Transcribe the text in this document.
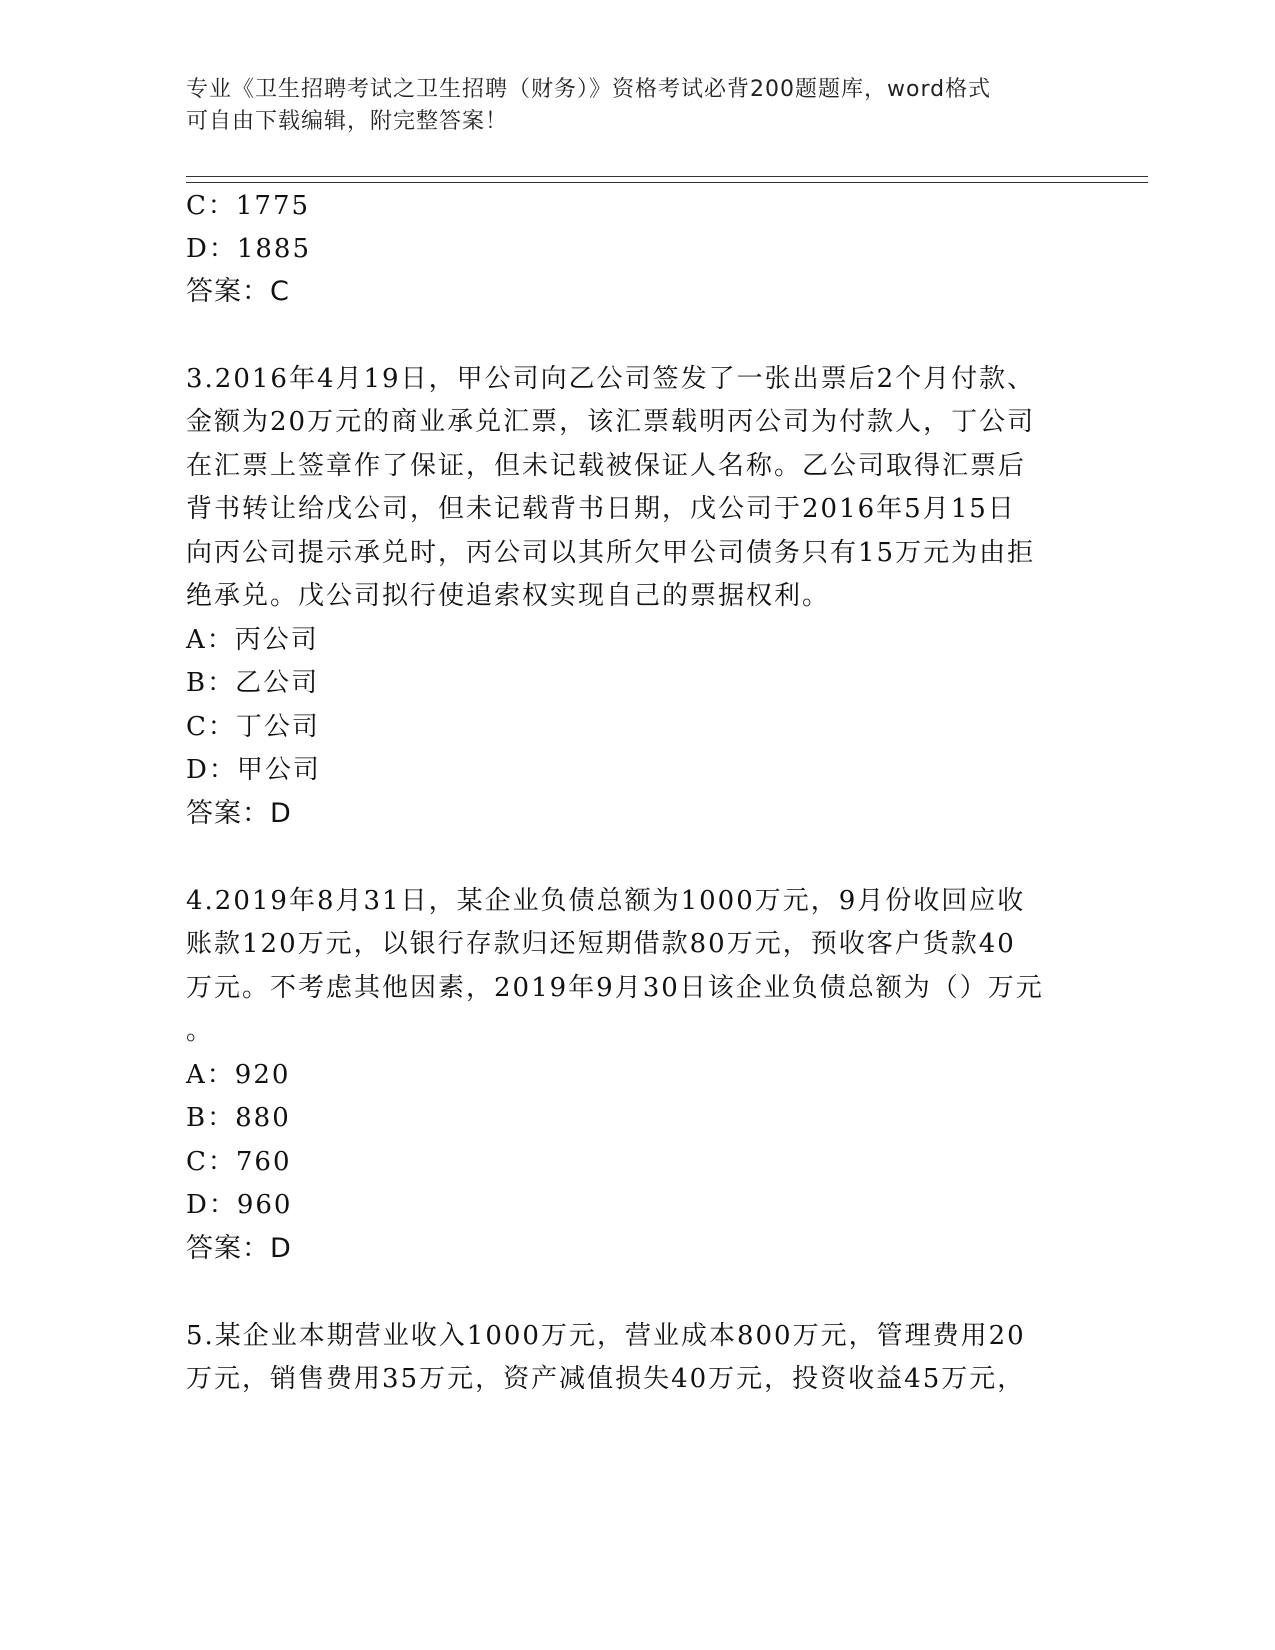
专业《卫生招聘考试之卫生招聘（财务）》资格考试必背200题题库，word格式
可自由下载编辑，附完整答案！
C：1775
D：1885
答案：C
3.2016年4月19日，甲公司向乙公司签发了一张出票后2个月付款、
金额为20万元的商业承兑汇票，该汇票载明丙公司为付款人，丁公司
在汇票上签章作了保证，但未记载被保证人名称。乙公司取得汇票后
背书转让给戊公司，但未记载背书日期，戊公司于2016年5月15日
向丙公司提示承兑时，丙公司以其所欠甲公司债务只有15万元为由拒
绝承兑。戊公司拟行使追索权实现自己的票据权利。
A：丙公司
B：乙公司
C：丁公司
D：甲公司
答案：D
4.2019年8月31日，某企业负债总额为1000万元，9月份收回应收
账款120万元，以银行存款归还短期借款80万元，预收客户货款40
万元。不考虑其他因素，2019年9月30日该企业负债总额为（）万元
。
A：920
B：880
C：760
D：960
答案：D
5.某企业本期营业收入1000万元，营业成本800万元，管理费用20
万元，销售费用35万元，资产减值损失40万元，投资收益45万元，
